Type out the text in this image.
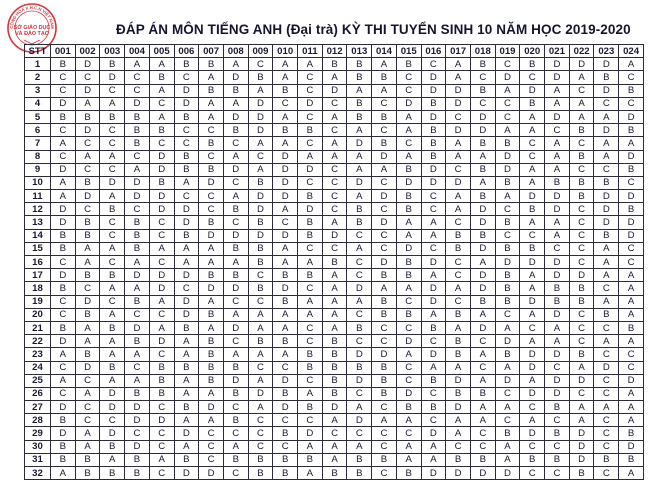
CỘNG HÒA X.H.C.N VIỆT NAM
SỞ GIÁO DỤC
VÀ ĐÀO TẠO	ĐÁP ÁN MÔN TIẾNG ANH (Đại trà) KỲ THI TUYỂN SINH 10 NĂM HỌC 2019-2020
STT	001	002	003	004	005	006	007	008	009	010	011	012	013	014	015	016	017	018	019	020	021	022	023	024
1	B	D	B	A	A	B	B	A	C	A	A	B	B	A	B	C	A	B	C	B	D	D	D	A
2	C	C	D	C	B	C	A	D	B	A	C	A	B	B	C	D	A	C	D	C	D	A	B	C
3	C	D	C	C	A	D	B	B	A	B	C	D	A	A	C	D	D	B	A	D	A	C	D	B
4	D	A	A	D	C	D	A	A	D	C	D	C	B	C	D	B	D	C	C	B	A	A	C	C
5	B	B	B	B	A	B	A	D	D	A	C	A	B	B	A	D	C	D	C	A	D	A	A	D
6	C	D	C	B	B	C	C	B	D	B	B	C	A	C	A	B	D	D	A	A	C	B	D	B
7	A	C	C	B	C	C	B	C	A	A	C	A	D	B	C	B	A	B	B	C	A	C	A	A
8	C	A	A	C	D	B	C	A	C	D	A	A	A	D	A	B	A	A	D	C	A	B	A	D
9	D	C	C	A	D	B	B	D	A	D	D	C	A	A	B	D	C	B	D	A	A	C	C	B
10	A	B	D	D	B	A	D	C	B	D	C	C	D	C	D	D	D	A	B	A	B	B	B	C
11	A	D	A	D	D	C	C	A	D	D	B	C	A	D	B	C	A	B	A	D	D	B	D	D
12	D	C	B	C	D	D	C	B	D	A	D	C	B	C	B	C	A	D	C	B	D	C	D	B
13	D	B	C	B	C	D	B	C	B	C	B	A	B	D	A	A	C	D	B	A	A	C	D	D
14	B	B	C	B	C	B	D	D	D	D	B	D	C	C	A	A	B	B	C	C	A	C	B	D
15	B	A	A	B	A	A	A	B	B	A	C	C	A	C	D	C	B	D	B	B	C	C	A	C
16	C	A	C	A	C	A	A	A	B	A	A	B	C	D	B	D	C	A	D	D	D	C	A	C
17	D	B	B	D	D	D	B	B	C	B	B	A	C	B	B	A	C	D	B	A	D	D	A	A
18	B	C	A	A	D	C	D	D	B	D	C	A	D	A	A	D	A	D	B	A	B	B	C	A
19	C	D	C	B	A	D	A	C	C	B	A	A	A	B	C	D	C	B	B	D	B	B	A	A
20	C	B	A	C	C	D	B	A	A	A	A	A	C	B	B	A	B	A	C	A	D	C	B	A
21	B	A	B	D	A	B	A	D	A	A	C	A	B	C	C	B	A	D	A	C	A	C	C	B
22	D	A	A	B	D	A	B	C	B	B	C	B	C	C	D	C	B	C	D	A	A	C	A	A
23	A	B	A	A	C	A	B	A	A	A	B	B	D	D	A	D	B	A	B	D	D	B	C	C
24	C	D	B	C	B	B	B	B	C	C	B	B	B	B	C	A	A	C	A	D	C	A	D	C
25	A	C	A	A	B	A	B	D	A	D	C	B	D	B	C	B	D	A	D	A	D	D	C	D
26	C	A	D	B	B	A	A	B	D	B	A	B	C	B	D	C	B	B	C	D	D	C	C	A
27	D	C	D	D	C	B	D	C	A	D	B	D	A	C	B	B	D	A	A	C	B	A	A	A
28	B	C	C	D	D	A	A	B	C	C	C	A	D	A	A	C	A	A	C	A	C	A	C	A
29	D	A	D	C	C	D	C	C	C	B	D	C	C	C	C	D	A	C	B	D	B	D	C	B
30	B	A	B	D	C	A	C	A	C	C	A	A	A	C	A	A	C	C	A	C	C	D	C	D
31	B	B	A	B	A	B	C	B	B	B	B	A	B	B	A	A	B	B	A	B	B	D	B	B
32	A	B	B	B	C	D	D	C	B	B	A	B	B	C	B	D	D	D	D	C	C	B	C	A
